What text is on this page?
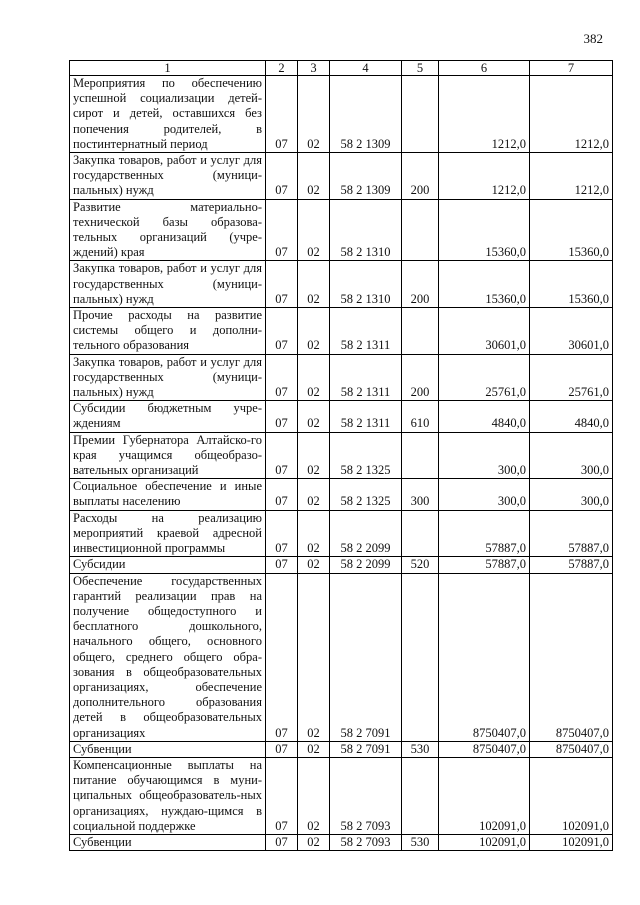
382
1	2	3	4	5	6	7
Мероприятия по обеспечению успешной социализации детей-сирот и детей, оставшихся без попечения родителей, в постинтернатный период	07	02	58 2 1309		1212,0	1212,0
Закупка товаров, работ и услуг для государственных (муници-пальных) нужд	07	02	58 2 1309	200	1212,0	1212,0
Развитие материально-технической базы образова-тельных организаций (учре-ждений) края	07	02	58 2 1310		15360,0	15360,0
Закупка товаров, работ и услуг для государственных (муници-пальных) нужд	07	02	58 2 1310	200	15360,0	15360,0
Прочие расходы на развитие системы общего и дополни-тельного образования	07	02	58 2 1311		30601,0	30601,0
Закупка товаров, работ и услуг для государственных (муници-пальных) нужд	07	02	58 2 1311	200	25761,0	25761,0
Субсидии бюджетным учре-ждениям	07	02	58 2 1311	610	4840,0	4840,0
Премии Губернатора Алтайско-го края учащимся общеобразо-вательных организаций	07	02	58 2 1325		300,0	300,0
Социальное обеспечение и иные выплаты населению	07	02	58 2 1325	300	300,0	300,0
Расходы на реализацию мероприятий краевой адресной инвестиционной программы	07	02	58 2 2099		57887,0	57887,0
Субсидии	07	02	58 2 2099	520	57887,0	57887,0
Обеспечение государственных гарантий реализации прав на получение общедоступного и бесплатного дошкольного, начального общего, основного общего, среднего общего обра-зования в общеобразовательных организациях, обеспечение дополнительного образования детей в общеобразовательных организациях	07	02	58 2 7091		8750407,0	8750407,0
Субвенции	07	02	58 2 7091	530	8750407,0	8750407,0
Компенсационные выплаты на питание обучающимся в муни-ципальных общеобразователь-ных организациях, нуждаю-щимся в социальной поддержке	07	02	58 2 7093		102091,0	102091,0
Субвенции	07	02	58 2 7093	530	102091,0	102091,0
